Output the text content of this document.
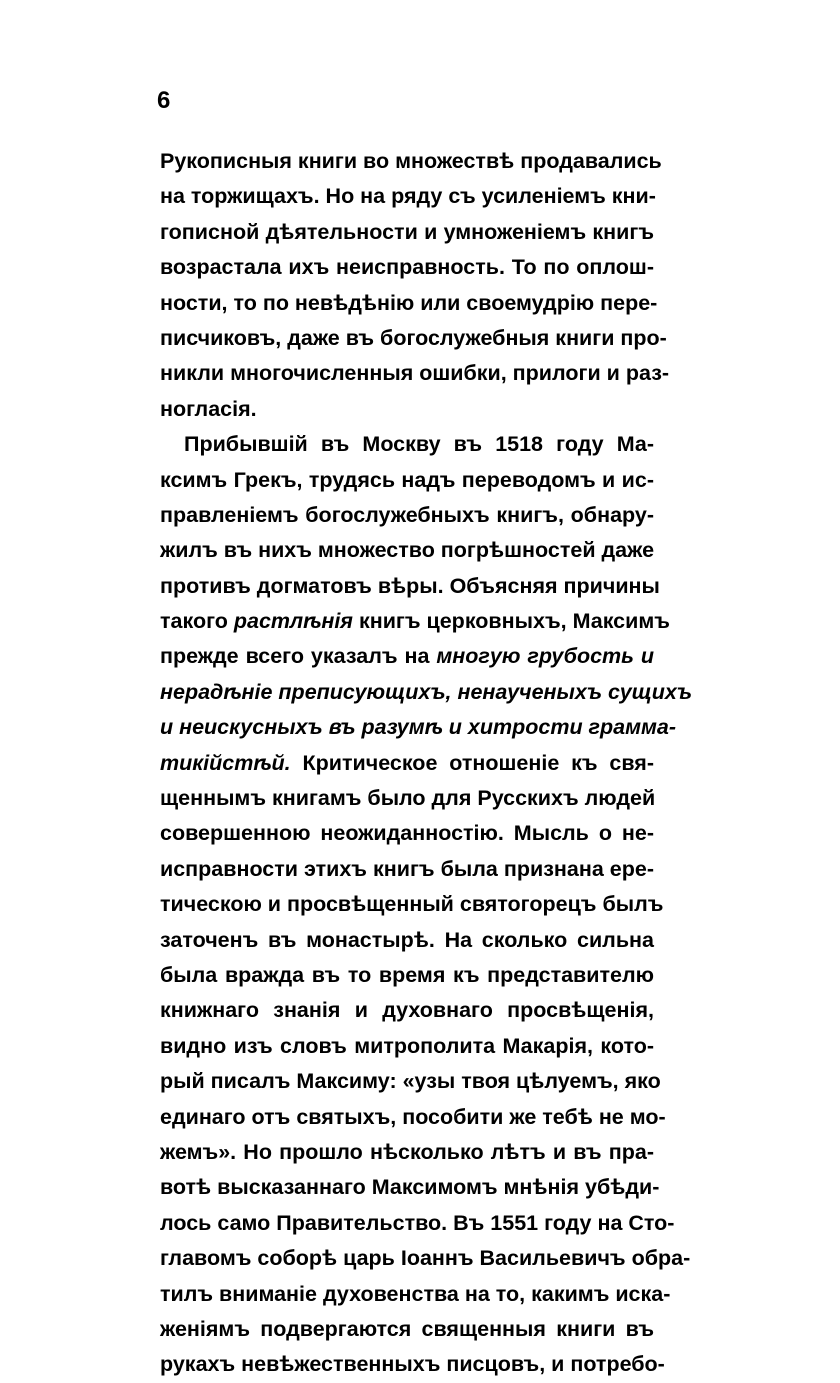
6
Рукописныя книги во множествѣ продавались
на торжищахъ. Но на ряду съ усиленіемъ кни-
гописной дѣятельности и умноженіемъ книгъ
возрастала ихъ неисправность. То по оплош-
ности, то по невѣдѣнію или своемудрію пере-
писчиковъ, даже въ богослужебныя книги про-
никли многочисленныя ошибки, прилоги и раз-
ногласія.
Прибывшій въ Москву въ 1518 году Ма-
ксимъ Грекъ, трудясь надъ переводомъ и ис-
правленіемъ богослужебныхъ книгъ, обнару-
жилъ въ нихъ множество погрѣшностей даже
противъ догматовъ вѣры. Объясняя причины
такого растлѣнія книгъ церковныхъ, Максимъ
прежде всего указалъ на многую грубость и
нерадѣніе преписующихъ, ненаученыхъ сущихъ
и неискусныхъ въ разумѣ и хитрости грамма-
тикійстѣй. Критическое отношеніе къ свя-
щеннымъ книгамъ было для Русскихъ людей
совершенною неожиданностію. Мысль о не-
исправности этихъ книгъ была признана ере-
тическою и просвѣщенный святогорецъ былъ
заточенъ въ монастырѣ. На сколько сильна
была вражда въ то время къ представителю
книжнаго знанія и духовнаго просвѣщенія,
видно изъ словъ митрополита Макарія, кото-
рый писалъ Максиму: «узы твоя цѣлуемъ, яко
единаго отъ святыхъ, пособити же тебѣ не мо-
жемъ». Но прошло нѣсколько лѣтъ и въ пра-
вотѣ высказаннаго Максимомъ мнѣнія убѣди-
лось само Правительство. Въ 1551 году на Сто-
главомъ соборѣ царь Іоаннъ Васильевичъ обра-
тилъ вниманіе духовенства на то, какимъ иска-
женіямъ подвергаются священныя книги въ
рукахъ невѣжественныхъ писцовъ, и потребо-
